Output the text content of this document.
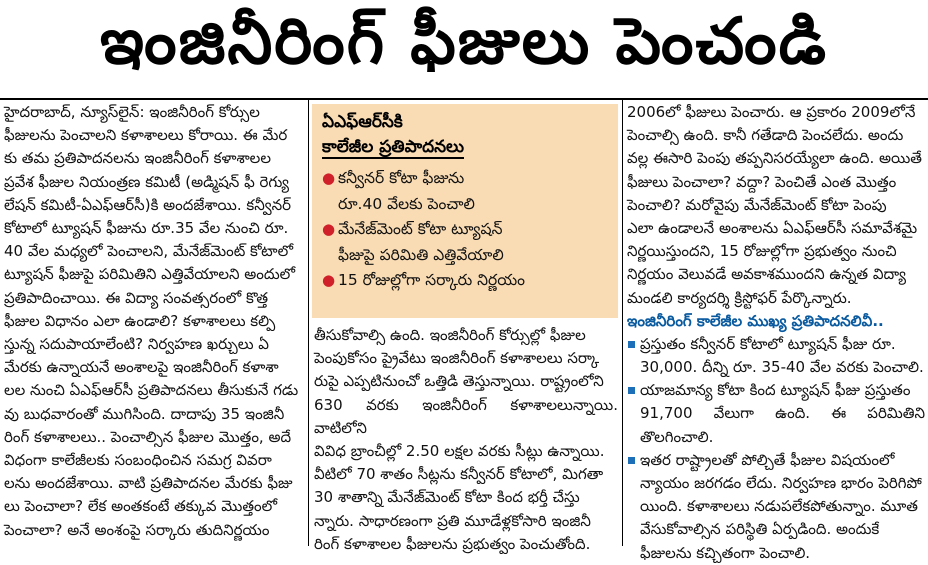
ఇంజినీరింగ్ ఫీజులు పెంచండి

హైదరాబాద్, న్యూస్‌లైన్: ఇంజినీరింగ్ కోర్సుల

ఫీజులను పెంచాలని కళాశాలలు కోరాయి. ఈ మేర

కు తమ ప్రతిపాదనలను ఇంజినీరింగ్ కళాశాలల

ప్రవేశ ఫీజుల నియంత్రణ కమిటీ (అడ్మిషన్ ఫీ రెగ్యు

లేషన్ కమిటీ-ఏఎఫ్ఆర్‌సీ)కి అందజేశాయి. కన్వీనర్

కోటాలో ట్యూషన్ ఫీజును రూ.35 వేల నుంచి రూ.

40 వేల మధ్యలో పెంచాలని, మేనేజ్‌మెంట్ కోటాలో

ట్యూషన్ ఫీజుపై పరిమితిని ఎత్తివేయాలని అందులో

ప్రతిపాదించాయి. ఈ విద్యా సంవత్సరంలో కొత్త

ఫీజుల విధానం ఎలా ఉండాలి? కళాశాలలు కల్పి

స్తున్న సదుపాయాలేంటి? నిర్వహణ ఖర్చులు ఏ

మేరకు ఉన్నాయనే అంశాలపై ఇంజినీరింగ్ కళాశా

లల నుంచి ఏఎఫ్ఆర్‌సీ ప్రతిపాదనలు తీసుకునే గడు

వు బుధవారంతో ముగిసింది. దాదాపు 35 ఇంజినీ

రింగ్ కళాశాలలు.. పెంచాల్సిన ఫీజుల మొత్తం, అదే

విధంగా కాలేజీలకు సంబంధించిన సమగ్ర వివరా

లను అందజేశాయి. వాటి ప్రతిపాదనల మేరకు ఫీజు

లు పెంచాలా? లేక అంతకంటే తక్కువ మొత్తంలో

పెంచాలా? అనే అంశంపై సర్కారు తుదినిర్ణయం

ఏఎఫ్ఆర్‌సీకి
కాలేజీల ప్రతిపాదనలు
● కన్వీనర్ కోటా ఫీజును
రూ.40 వేలకు పెంచాలి
● మేనేజ్‌మెంట్ కోటా ట్యూషన్
ఫీజుపై పరిమితి ఎత్తివేయాలి
● 15 రోజుల్లోగా సర్కారు నిర్ణయం

తీసుకోవాల్సి ఉంది. ఇంజినీరింగ్ కోర్సుల్లో ఫీజుల

పెంపుకోసం ప్రైవేటు ఇంజినీరింగ్ కళాశాలలు సర్కా

రుపై ఎప్పటినుంచో ఒత్తిడి తెస్తున్నాయి. రాష్ట్రంలోని

630 వరకు ఇంజినీరింగ్ కళాశాలలున్నాయి. వాటిలోని

వివిధ బ్రాంచీల్లో 2.50 లక్షల వరకు సీట్లు ఉన్నాయి.

వీటిలో 70 శాతం సీట్లను కన్వీనర్ కోటాలో, మిగతా

30 శాతాన్ని మేనేజ్‌మెంట్ కోటా కింద భర్తీ చేస్తు

న్నారు. సాధారణంగా ప్రతి మూడేళ్లకోసారి ఇంజినీ

రింగ్ కళాశాలల ఫీజులను ప్రభుత్వం పెంచుతోంది.

2006లో ఫీజులు పెంచారు. ఆ ప్రకారం 2009లోనే

పెంచాల్సి ఉంది. కానీ గతేడాది పెంచలేదు. అందు

వల్ల ఈసారి పెంపు తప్పనిసరయ్యేలా ఉంది. అయితే

ఫీజులు పెంచాలా? వద్దా? పెంచితే ఎంత మొత్తం

పెంచాలి? మరోవైపు మేనేజ్‌మెంట్ కోటా పెంపు

ఎలా ఉండాలనే అంశాలను ఏఎఫ్ఆర్‌సీ సమావేశమై

నిర్ణయిస్తుందని, 15 రోజుల్లోగా ప్రభుత్వం నుంచి

నిర్ణయం వెలువడే అవకాశముందని ఉన్నత విద్యా

మండలి కార్యదర్శి క్రిస్టోఫర్ పేర్కొన్నారు.

ఇంజినీరింగ్ కాలేజీల ముఖ్య ప్రతిపాదనలివీ..

ప్రస్తుతం కన్వీనర్ కోటాలో ట్యూషన్ ఫీజు రూ.

30,000. దీన్ని రూ. 35-40 వేల వరకు పెంచాలి.

యాజమాన్య కోటా కింద ట్యూషన్ ఫీజు ప్రస్తుతం

91,700 వేలుగా ఉంది. ఈ పరిమితిని తొలగించాలి.

ఇతర రాష్ట్రాలతో పోల్చితే ఫీజుల విషయంలో

న్యాయం జరగడం లేదు. నిర్వహణ భారం పెరిగిపో

యింది. కళాశాలలు నడుపలేకపోతున్నాం. మూత

వేసుకోవాల్సిన పరిస్థితి ఏర్పడింది. అందుకే

ఫీజులను కచ్చితంగా పెంచాలి.
